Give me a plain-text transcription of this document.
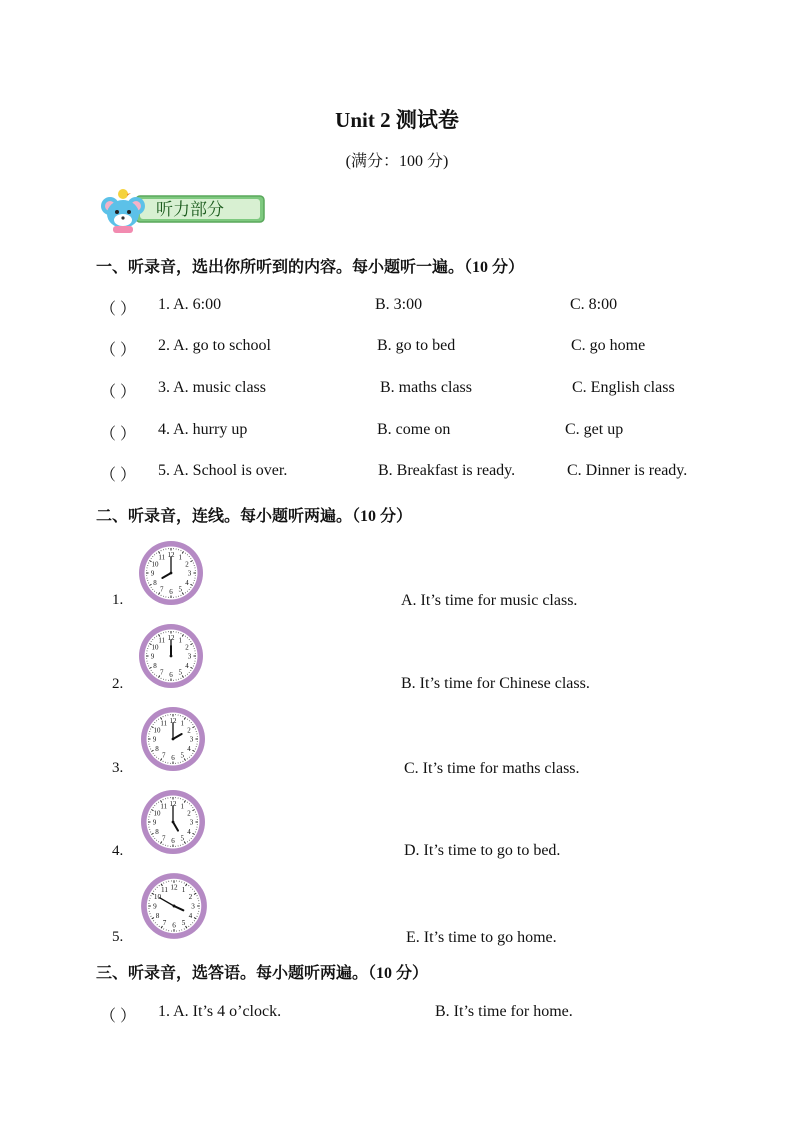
Unit 2 测试卷
(满分：100 分)
听力部分
一、听录音，选出你所听到的内容。每小题听一遍。（10 分）
（ ） 1. A. 6:00	B. 3:00	C. 8:00
（ ） 2. A. go to school	B. go to bed	C. go home
（ ） 3. A. music class	B. maths class	C. English class
（ ） 4. A. hurry up	B. come on	C. get up
（ ） 5. A. School is over.	B. Breakfast is ready.	C. Dinner is ready.
二、听录音，连线。每小题听两遍。（10 分）
1.
1
2
3
4
5
6
7
8
9
10
11 12
A. It’s time for music class.
2.
1
2
3
4
5
6
7
8
9
10
11 12
B. It’s time for Chinese class.
3.
1
2
3
4
5
6
7
8
9
10
11 12
C. It’s time for maths class.
4.
1
2
3
4
5
6
7
8
9
10
11 12
D. It’s time to go to bed.
5.
1
2
3
4
5
6
7
8
9
10
11 12
E. It’s time to go home.
三、听录音，选答语。每小题听两遍。（10 分）
（ ） 1. A. It’s 4 o’clock.	B. It’s time for home.
